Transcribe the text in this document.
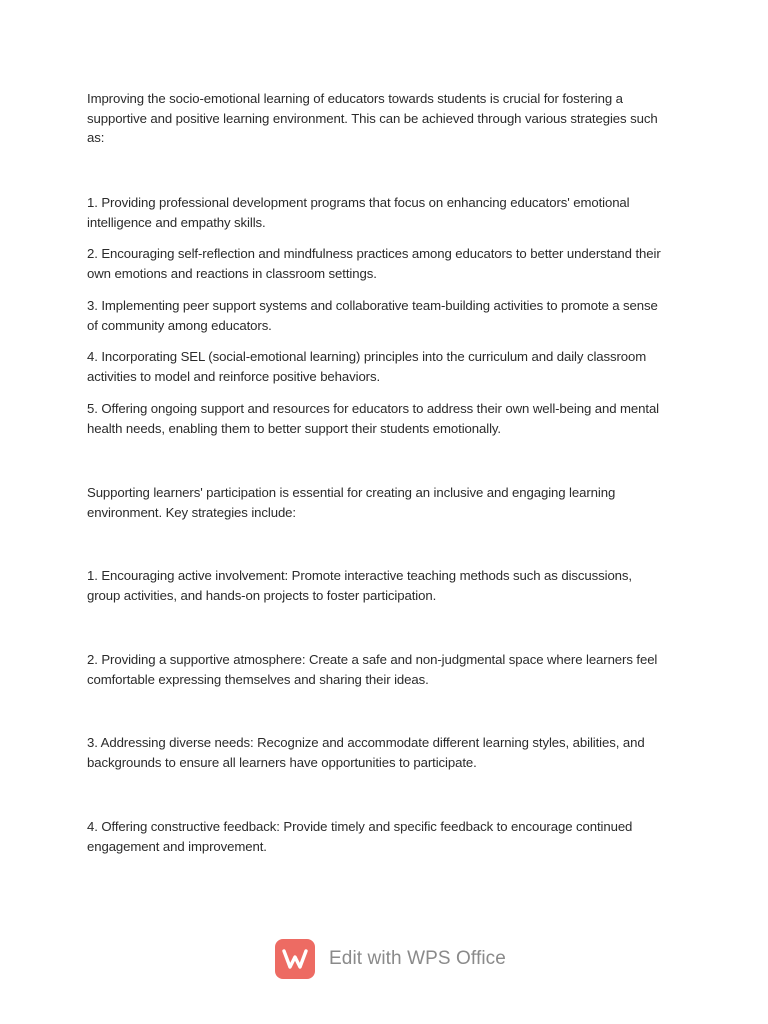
Improving the socio-emotional learning of educators towards students is crucial for fostering a supportive and positive learning environment. This can be achieved through various strategies such as:

1. Providing professional development programs that focus on enhancing educators' emotional intelligence and empathy skills.

2. Encouraging self-reflection and mindfulness practices among educators to better understand their own emotions and reactions in classroom settings.

3. Implementing peer support systems and collaborative team-building activities to promote a sense of community among educators.

4. Incorporating SEL (social-emotional learning) principles into the curriculum and daily classroom activities to model and reinforce positive behaviors.

5. Offering ongoing support and resources for educators to address their own well-being and mental health needs, enabling them to better support their students emotionally.

Supporting learners' participation is essential for creating an inclusive and engaging learning environment. Key strategies include:

1. Encouraging active involvement: Promote interactive teaching methods such as discussions, group activities, and hands-on projects to foster participation.

2. Providing a supportive atmosphere: Create a safe and non-judgmental space where learners feel comfortable expressing themselves and sharing their ideas.

3. Addressing diverse needs: Recognize and accommodate different learning styles, abilities, and backgrounds to ensure all learners have opportunities to participate.

4. Offering constructive feedback: Provide timely and specific feedback to encourage continued engagement and improvement.

Edit with WPS Office
